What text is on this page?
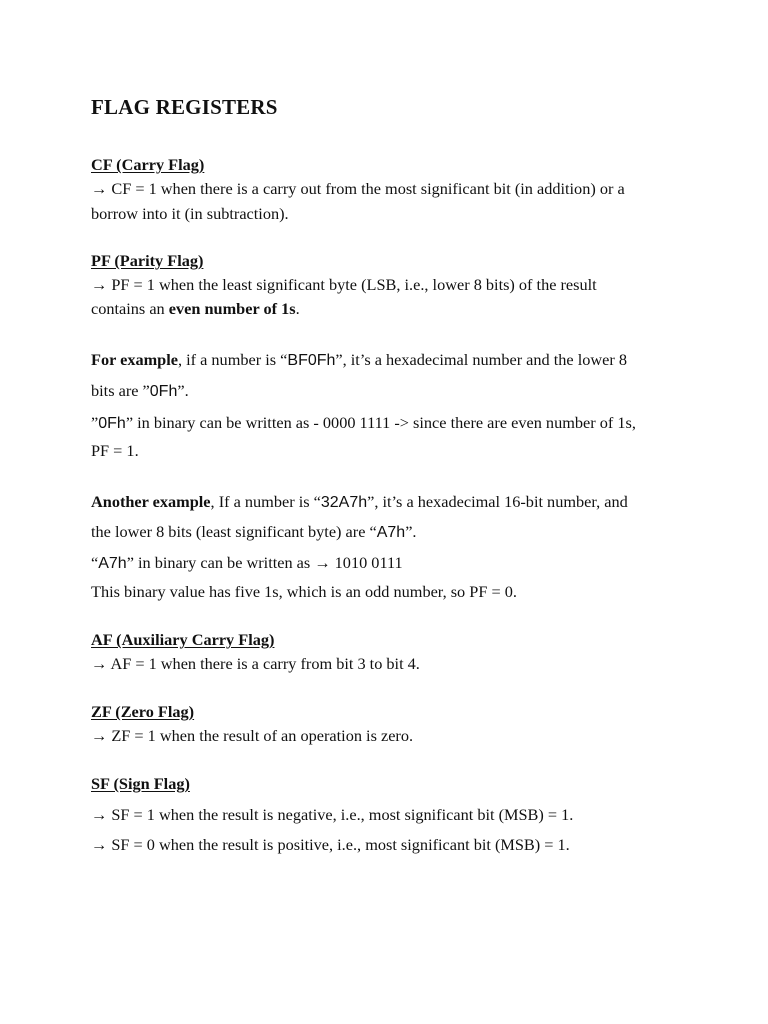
FLAG REGISTERS

CF (Carry Flag)

→ CF = 1 when there is a carry out from the most significant bit (in addition) or a

borrow into it (in subtraction).

PF (Parity Flag)

→ PF = 1 when the least significant byte (LSB, i.e., lower 8 bits) of the result

contains an even number of 1s.

For example, if a number is “BF0Fh”, it’s a hexadecimal number and the lower 8

bits are ”0Fh”.

”0Fh” in binary can be written as - 0000 1111 -> since there are even number of 1s,

PF = 1.

Another example, If a number is “32A7h”, it’s a hexadecimal 16-bit number, and

the lower 8 bits (least significant byte) are “A7h”.

“A7h” in binary can be written as → 1010 0111

This binary value has five 1s, which is an odd number, so PF = 0.

AF (Auxiliary Carry Flag)

→ AF = 1 when there is a carry from bit 3 to bit 4.

ZF (Zero Flag)

→ ZF = 1 when the result of an operation is zero.

SF (Sign Flag)

→ SF = 1 when the result is negative, i.e., most significant bit (MSB) = 1.

→ SF = 0 when the result is positive, i.e., most significant bit (MSB) = 1.
